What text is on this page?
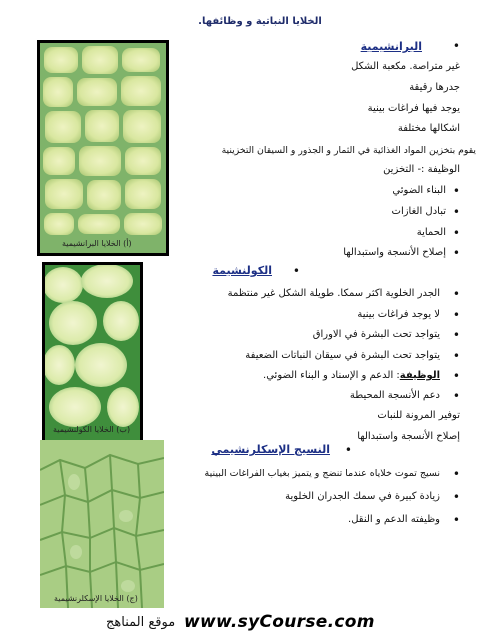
الخلايا النباتية و وظائفها.
(أ) الخلايا البرانشيمية
البرانشيمية	•
غير متراصة. مكعبة الشكل
جدرها رقيقة
يوجد فيها فراغات بينية
اشكالها مختلفة
يقوم بتخزين المواد الغذائية في الثمار و الجذور و السيقان التخزينية
الوظيفة :- التخزين
•
البناء الضوئي
•
تبادل الغازات
•
الحماية
•
إصلاح الأنسجة واستبدالها
(ب) الخلايا الكولنشيمية
الكولنشيمة •
•
الجدر الخلوية اكثر سمكا. طويلة الشكل غير منتظمة
•
لا يوجد فراغات بينية
•
يتواجد تحت البشرة في الاوراق
•
يتواجد تحت البشرة في سيقان النباتات الضعيفة
•
الوظيفة: الدعم و الإسناد و البناء الضوئي.
•
دعم الأنسجة المحيطة
توفير المرونة للنبات
إصلاح الأنسجة واستبدالها
(ج) الخلايا الإسكلرنشيمية
النسيج الإسكلرنشيمي •
•
نسيج تموت خلاياه عندما تنضج و يتميز بغياب الفراغات البينية
•
زيادة كبيرة في سمك الجدران الخلوية
•
وظيفته الدعم و النقل.
www.syCourse.com
موقع المناهج
